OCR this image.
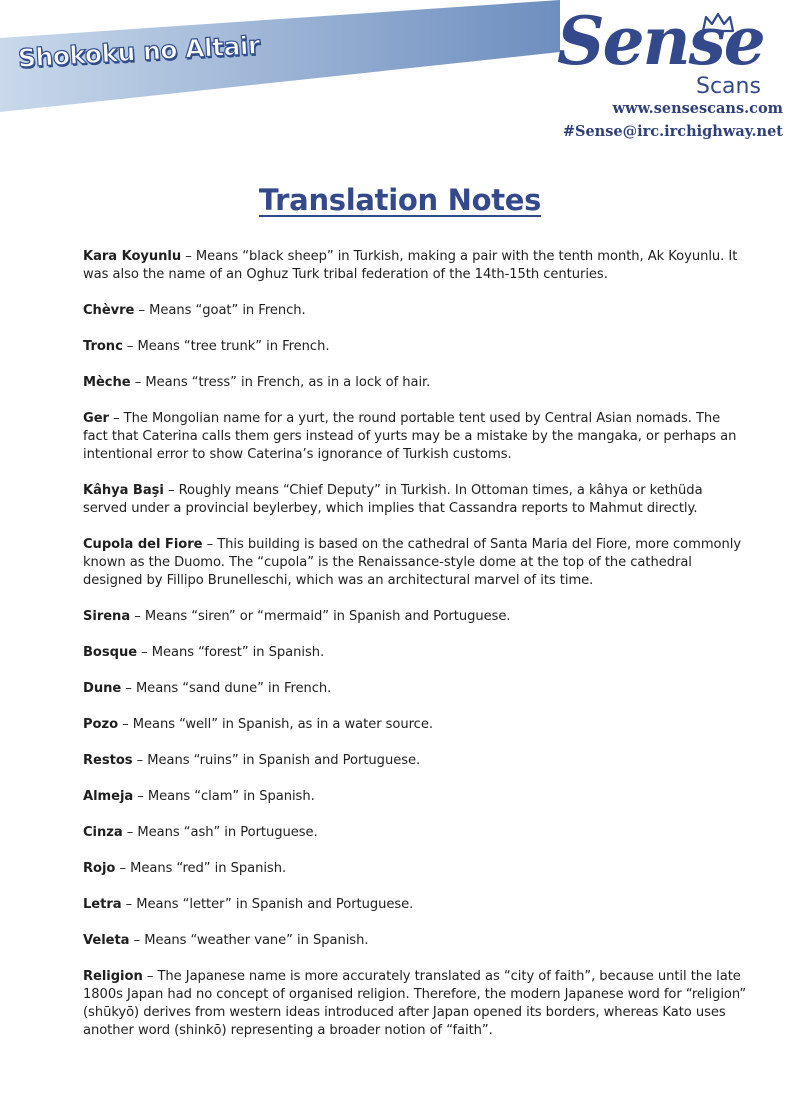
Shokoku no Altair	Sense
Scans
www.sensescans.com
#Sense@irc.irchighway.net
Translation Notes

Kara Koyunlu – Means “black sheep” in Turkish, making a pair with the tenth month, Ak Koyunlu. It was also the name of an Oghuz Turk tribal federation of the 14th-15th centuries.

Chèvre – Means “goat” in French.

Tronc – Means “tree trunk” in French.

Mèche – Means “tress” in French, as in a lock of hair.

Ger – The Mongolian name for a yurt, the round portable tent used by Central Asian nomads. The fact that Caterina calls them gers instead of yurts may be a mistake by the mangaka, or perhaps an intentional error to show Caterina’s ignorance of Turkish customs.

Kâhya Başi – Roughly means “Chief Deputy” in Turkish. In Ottoman times, a kâhya or kethüda served under a provincial beylerbey, which implies that Cassandra reports to Mahmut directly.

Cupola del Fiore – This building is based on the cathedral of Santa Maria del Fiore, more commonly known as the Duomo. The “cupola” is the Renaissance-style dome at the top of the cathedral designed by Fillipo Brunelleschi, which was an architectural marvel of its time.

Sirena – Means “siren” or “mermaid” in Spanish and Portuguese.

Bosque – Means “forest” in Spanish.

Dune – Means “sand dune” in French.

Pozo – Means “well” in Spanish, as in a water source.

Restos – Means “ruins” in Spanish and Portuguese.

Almeja – Means “clam” in Spanish.

Cinza – Means “ash” in Portuguese.

Rojo – Means “red” in Spanish.

Letra – Means “letter” in Spanish and Portuguese.

Veleta – Means “weather vane” in Spanish.

Religion – The Japanese name is more accurately translated as “city of faith”, because until the late 1800s Japan had no concept of organised religion. Therefore, the modern Japanese word for “religion” (shūkyō) derives from western ideas introduced after Japan opened its borders, whereas Kato uses another word (shinkō) representing a broader notion of “faith”.
